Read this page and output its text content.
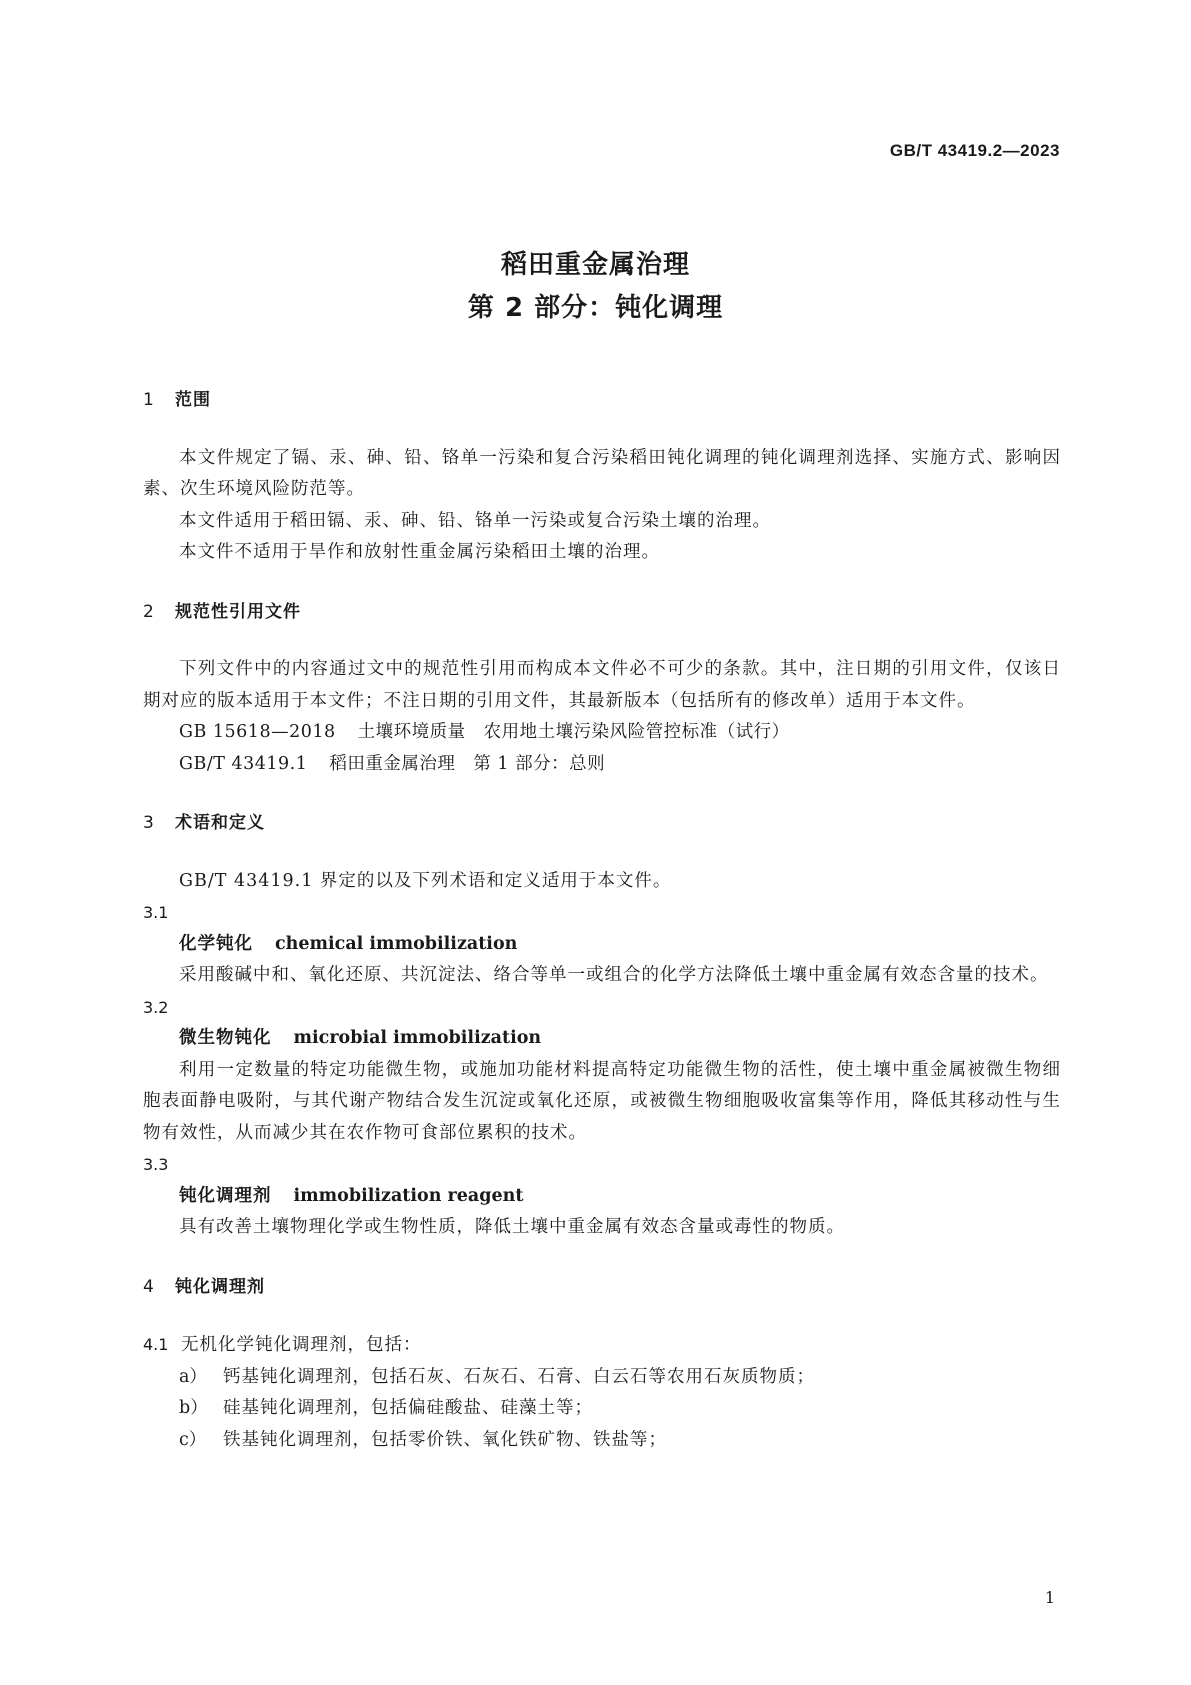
GB/T 43419.2—2023
稻田重金属治理
第 2 部分：钝化调理
1 范围
本文件规定了镉、汞、砷、铅、铬单一污染和复合污染稻田钝化调理的钝化调理剂选择、实施方式、影响因素、次生环境风险防范等。
本文件适用于稻田镉、汞、砷、铅、铬单一污染或复合污染土壤的治理。
本文件不适用于旱作和放射性重金属污染稻田土壤的治理。
2 规范性引用文件
下列文件中的内容通过文中的规范性引用而构成本文件必不可少的条款。其中，注日期的引用文件，仅该日期对应的版本适用于本文件；不注日期的引用文件，其最新版本（包括所有的修改单）适用于本文件。
GB 15618—2018 土壤环境质量　农用地土壤污染风险管控标准（试行）
GB/T 43419.1 稻田重金属治理　第 1 部分：总则
3 术语和定义
GB/T 43419.1 界定的以及下列术语和定义适用于本文件。
3.1
化学钝化 chemical immobilization
采用酸碱中和、氧化还原、共沉淀法、络合等单一或组合的化学方法降低土壤中重金属有效态含量的技术。
3.2
微生物钝化 microbial immobilization
利用一定数量的特定功能微生物，或施加功能材料提高特定功能微生物的活性，使土壤中重金属被微生物细胞表面静电吸附，与其代谢产物结合发生沉淀或氧化还原，或被微生物细胞吸收富集等作用，降低其移动性与生物有效性，从而减少其在农作物可食部位累积的技术。
3.3
钝化调理剂 immobilization reagent
具有改善土壤物理化学或生物性质，降低土壤中重金属有效态含量或毒性的物质。
4 钝化调理剂
4.1 无机化学钝化调理剂，包括：
a） 钙基钝化调理剂，包括石灰、石灰石、石膏、白云石等农用石灰质物质；
b） 硅基钝化调理剂，包括偏硅酸盐、硅藻土等；
c） 铁基钝化调理剂，包括零价铁、氧化铁矿物、铁盐等；
1
